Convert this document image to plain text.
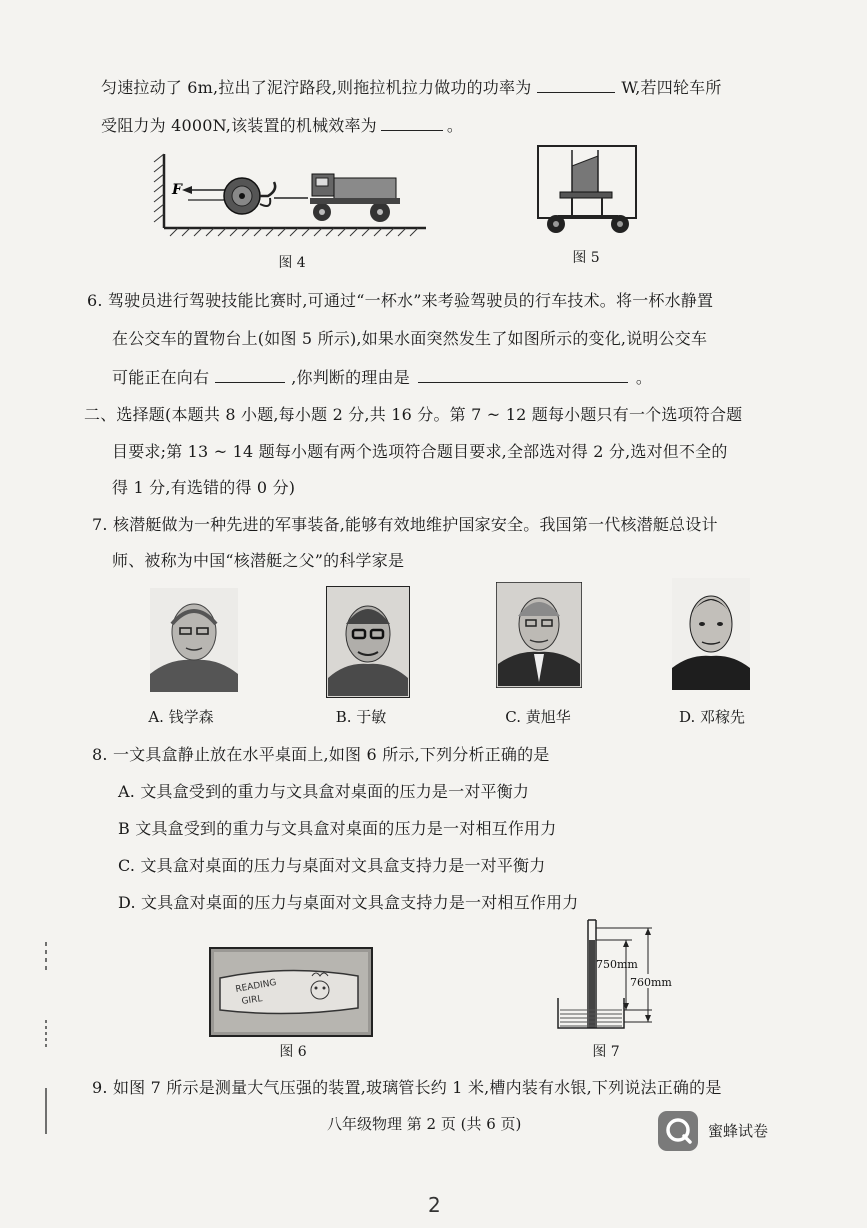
匀速拉动了 6m,拉出了泥泞路段,则拖拉机拉力做功的功率为	W,若四轮车所
受阻力为 4000N,该装置的机械效率为	。
F
图 4	图 5
6. 驾驶员进行驾驶技能比赛时,可通过“一杯水”来考验驾驶员的行车技术。将一杯水静置
在公交车的置物台上(如图 5 所示),如果水面突然发生了如图所示的变化,说明公交车
可能正在向右	,你判断的理由是	。
二、选择题(本题共 8 小题,每小题 2 分,共 16 分。第 7 ~ 12 题每小题只有一个选项符合题
目要求;第 13 ~ 14 题每小题有两个选项符合题目要求,全部选对得 2 分,选对但不全的
得 1 分,有选错的得 0 分)
7. 核潜艇做为一种先进的军事装备,能够有效地维护国家安全。我国第一代核潜艇总设计
师、被称为中国“核潜艇之父”的科学家是
A. 钱学森	B. 于敏	C. 黄旭华	D. 邓稼先
8. 一文具盒静止放在水平桌面上,如图 6 所示,下列分析正确的是
A. 文具盒受到的重力与文具盒对桌面的压力是一对平衡力
B 文具盒受到的重力与文具盒对桌面的压力是一对相互作用力
C. 文具盒对桌面的压力与桌面对文具盒支持力是一对平衡力
D. 文具盒对桌面的压力与桌面对文具盒支持力是一对相互作用力
READING
GIRL
图 6
750mm
760mm
图 7
9. 如图 7 所示是测量大气压强的装置,玻璃管长约 1 米,槽内装有水银,下列说法正确的是
八年级物理 第 2 页 (共 6 页)	蜜蜂试卷
2
